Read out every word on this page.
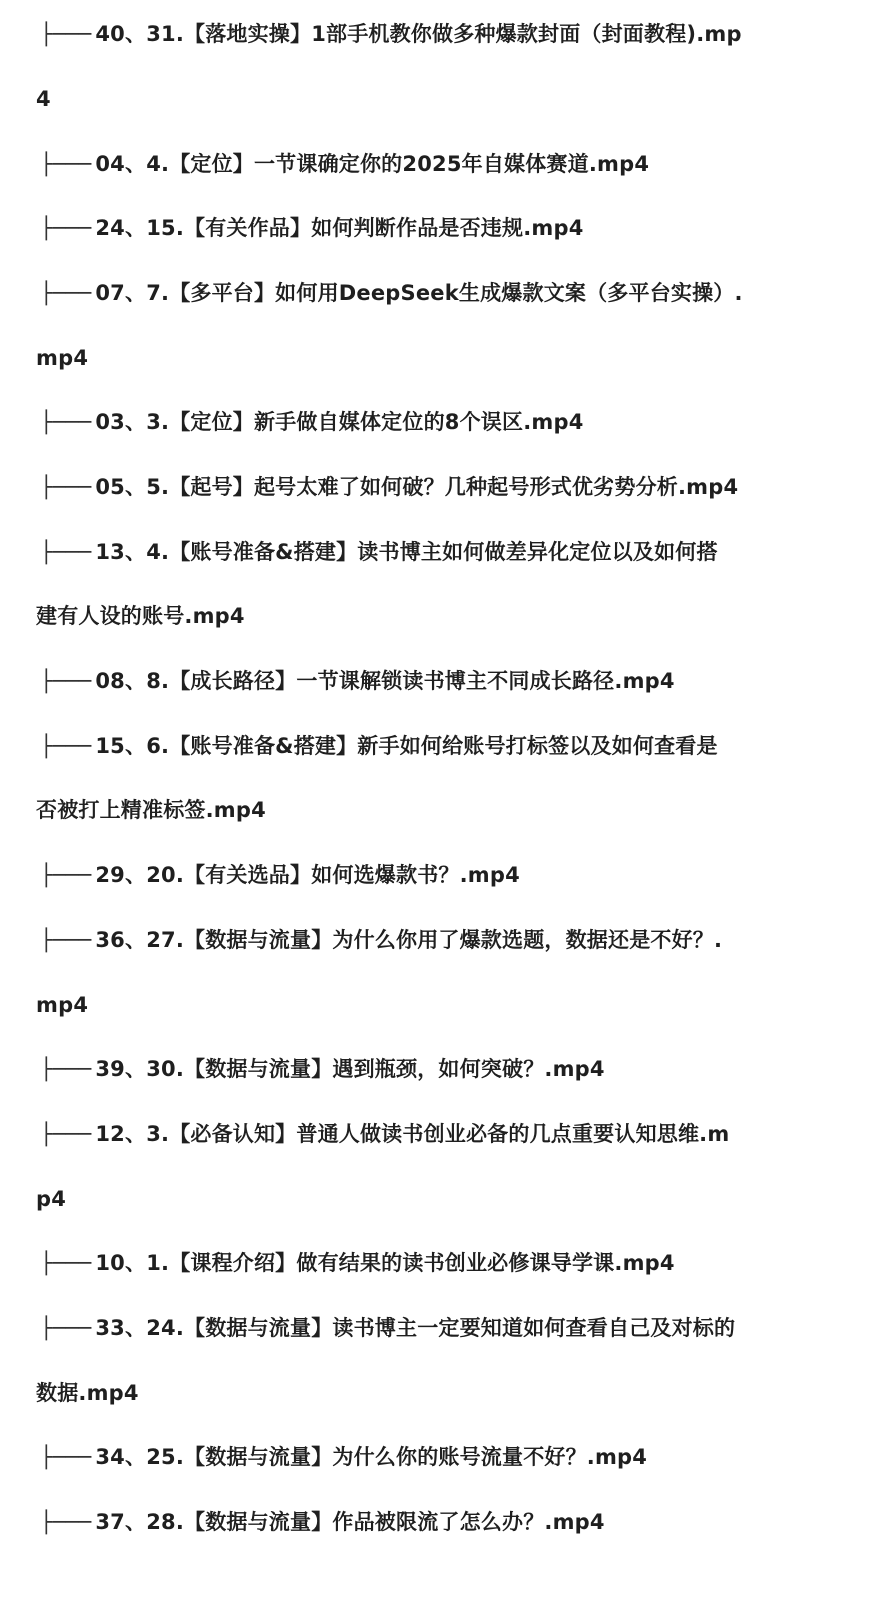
├─── 40、31.【落地实操】1部手机教你做多种爆款封面（封面教程).mp
4
├─── 04、4.【定位】一节课确定你的2025年自媒体赛道.mp4
├─── 24、15.【有关作品】如何判断作品是否违规.mp4
├─── 07、7.【多平台】如何用DeepSeek生成爆款文案（多平台实操）.
mp4
├─── 03、3.【定位】新手做自媒体定位的8个误区.mp4
├─── 05、5.【起号】起号太难了如何破？几种起号形式优劣势分析.mp4
├─── 13、4.【账号准备&搭建】读书博主如何做差异化定位以及如何搭
建有人设的账号.mp4
├─── 08、8.【成长路径】一节课解锁读书博主不同成长路径.mp4
├─── 15、6.【账号准备&搭建】新手如何给账号打标签以及如何查看是
否被打上精准标签.mp4
├─── 29、20.【有关选品】如何选爆款书？.mp4
├─── 36、27.【数据与流量】为什么你用了爆款选题，数据还是不好？.
mp4
├─── 39、30.【数据与流量】遇到瓶颈，如何突破？.mp4
├─── 12、3.【必备认知】普通人做读书创业必备的几点重要认知思维.m
p4
├─── 10、1.【课程介绍】做有结果的读书创业必修课导学课.mp4
├─── 33、24.【数据与流量】读书博主一定要知道如何查看自己及对标的
数据.mp4
├─── 34、25.【数据与流量】为什么你的账号流量不好？.mp4
├─── 37、28.【数据与流量】作品被限流了怎么办？.mp4
